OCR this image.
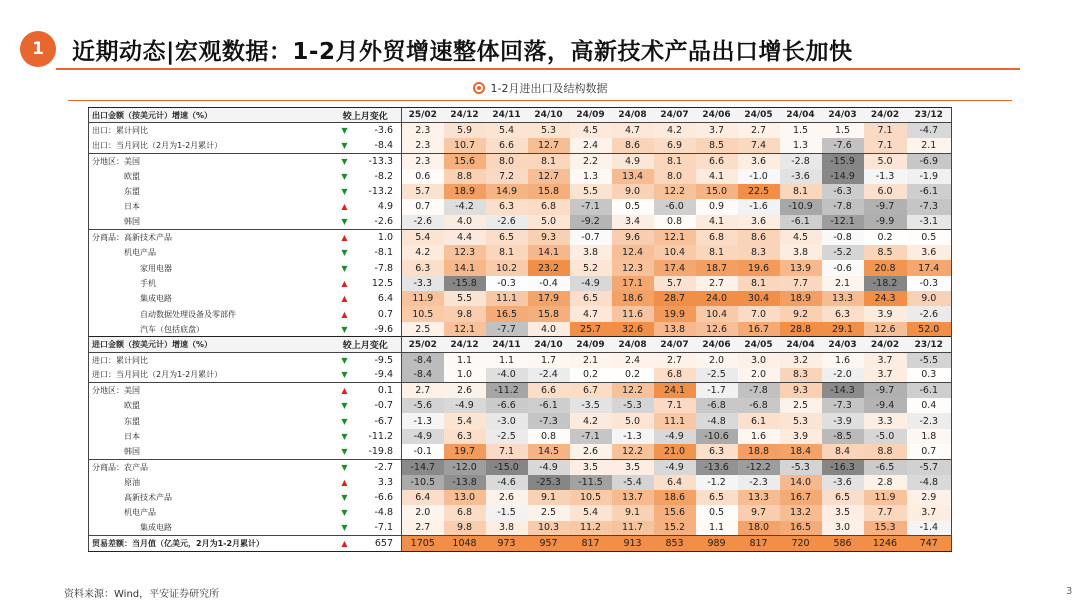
1	近期动态|宏观数据：1-2月外贸增速整体回落，高新技术产品出口增长加快
1-2月进出口及结构数据
出口金额（按美元计）增速（%）	较上月变化		25/02	24/12	24/11	24/10	24/09	24/08	24/07	24/06	24/05	24/04	24/03	24/02	23/12
出口：累计同比	▼	-3.6	2.3	5.9	5.4	5.3	4.5	4.7	4.2	3.7	2.7	1.5	1.5	7.1	-4.7
出口：当月同比（2月为1-2月累计）	▼	-8.4	2.3	10.7	6.6	12.7	2.4	8.6	6.9	8.5	7.4	1.3	-7.6	7.1	2.1
分地区：美国	▼	-13.3	2.3	15.6	8.0	8.1	2.2	4.9	8.1	6.6	3.6	-2.8	-15.9	5.0	-6.9
　　　　欧盟	▼	-8.2	0.6	8.8	7.2	12.7	1.3	13.4	8.0	4.1	-1.0	-3.6	-14.9	-1.3	-1.9
　　　　东盟	▼	-13.2	5.7	18.9	14.9	15.8	5.5	9.0	12.2	15.0	22.5	8.1	-6.3	6.0	-6.1
　　　　日本	▲	4.9	0.7	-4.2	6.3	6.8	-7.1	0.5	-6.0	0.9	-1.6	-10.9	-7.8	-9.7	-7.3
　　　　韩国	▼	-2.6	-2.6	4.0	-2.6	5.0	-9.2	3.4	0.8	4.1	3.6	-6.1	-12.1	-9.9	-3.1
分商品：高新技术产品	▲	1.0	5.4	4.4	6.5	9.3	-0.7	9.6	12.1	6.8	8.6	4.5	-0.8	0.2	0.5
　　　　机电产品	▼	-8.1	4.2	12.3	8.1	14.1	3.8	12.4	10.4	8.1	8.3	3.8	-5.2	8.5	3.6
　　　　　　家用电器	▼	-7.8	6.3	14.1	10.2	23.2	5.2	12.3	17.4	18.7	19.6	13.9	-0.6	20.8	17.4
　　　　　　手机	▲	12.5	-3.3	-15.8	-0.3	-0.4	-4.9	17.1	5.7	2.7	8.1	7.7	2.1	-18.2	-0.3
　　　　　　集成电路	▲	6.4	11.9	5.5	11.1	17.9	6.5	18.6	28.7	24.0	30.4	18.9	13.3	24.3	9.0
　　　　　　自动数据处理设备及零部件	▲	0.7	10.5	9.8	16.5	15.8	4.7	11.6	19.9	10.4	7.0	9.2	6.3	3.9	-2.6
　　　　　　汽车（包括底盘）	▼	-9.6	2.5	12.1	-7.7	4.0	25.7	32.6	13.8	12.6	16.7	28.8	29.1	12.6	52.0
进口金额（按美元计）增速（%）	较上月变化		25/02	24/12	24/11	24/10	24/09	24/08	24/07	24/06	24/05	24/04	24/03	24/02	23/12
进口：累计同比	▼	-9.5	-8.4	1.1	1.1	1.7	2.1	2.4	2.7	2.0	3.0	3.2	1.6	3.7	-5.5
进口：当月同比（2月为1-2月累计）	▼	-9.4	-8.4	1.0	-4.0	-2.4	0.2	0.2	6.8	-2.5	2.0	8.3	-2.0	3.7	0.3
分地区：美国	▲	0.1	2.7	2.6	-11.2	6.6	6.7	12.2	24.1	-1.7	-7.8	9.3	-14.3	-9.7	-6.1
　　　　欧盟	▼	-0.7	-5.6	-4.9	-6.6	-6.1	-3.5	-5.3	7.1	-6.8	-6.8	2.5	-7.3	-9.4	0.4
　　　　东盟	▼	-6.7	-1.3	5.4	-3.0	-7.3	4.2	5.0	11.1	-4.8	6.1	5.3	-3.9	3.3	-2.3
　　　　日本	▼	-11.2	-4.9	6.3	-2.5	0.8	-7.1	-1.3	-4.9	-10.6	1.6	3.9	-8.5	-5.0	1.8
　　　　韩国	▼	-19.8	-0.1	19.7	7.1	14.5	2.6	12.2	21.0	6.3	18.8	18.4	8.4	8.8	0.7
分商品：农产品	▼	-2.7	-14.7	-12.0	-15.0	-4.9	3.5	3.5	-4.9	-13.6	-12.2	-5.3	-16.3	-6.5	-5.7
　　　　原油	▲	3.3	-10.5	-13.8	-4.6	-25.3	-11.5	-5.4	6.4	-1.2	-2.3	14.0	-3.6	2.8	-4.8
　　　　高新技术产品	▼	-6.6	6.4	13.0	2.6	9.1	10.5	13.7	18.6	6.5	13.3	16.7	6.5	11.9	2.9
　　　　机电产品	▼	-4.8	2.0	6.8	-1.5	2.5	5.4	9.1	15.6	0.5	9.7	13.2	3.5	7.7	3.7
　　　　　　集成电路	▼	-7.1	2.7	9.8	3.8	10.3	11.2	11.7	15.2	1.1	18.0	16.5	3.0	15.3	-1.4
贸易差额：当月值（亿美元，2月为1-2月累计）	▲	657	1705	1048	973	957	817	913	853	989	817	720	586	1246	747
资料来源：Wind，平安证券研究所	3
